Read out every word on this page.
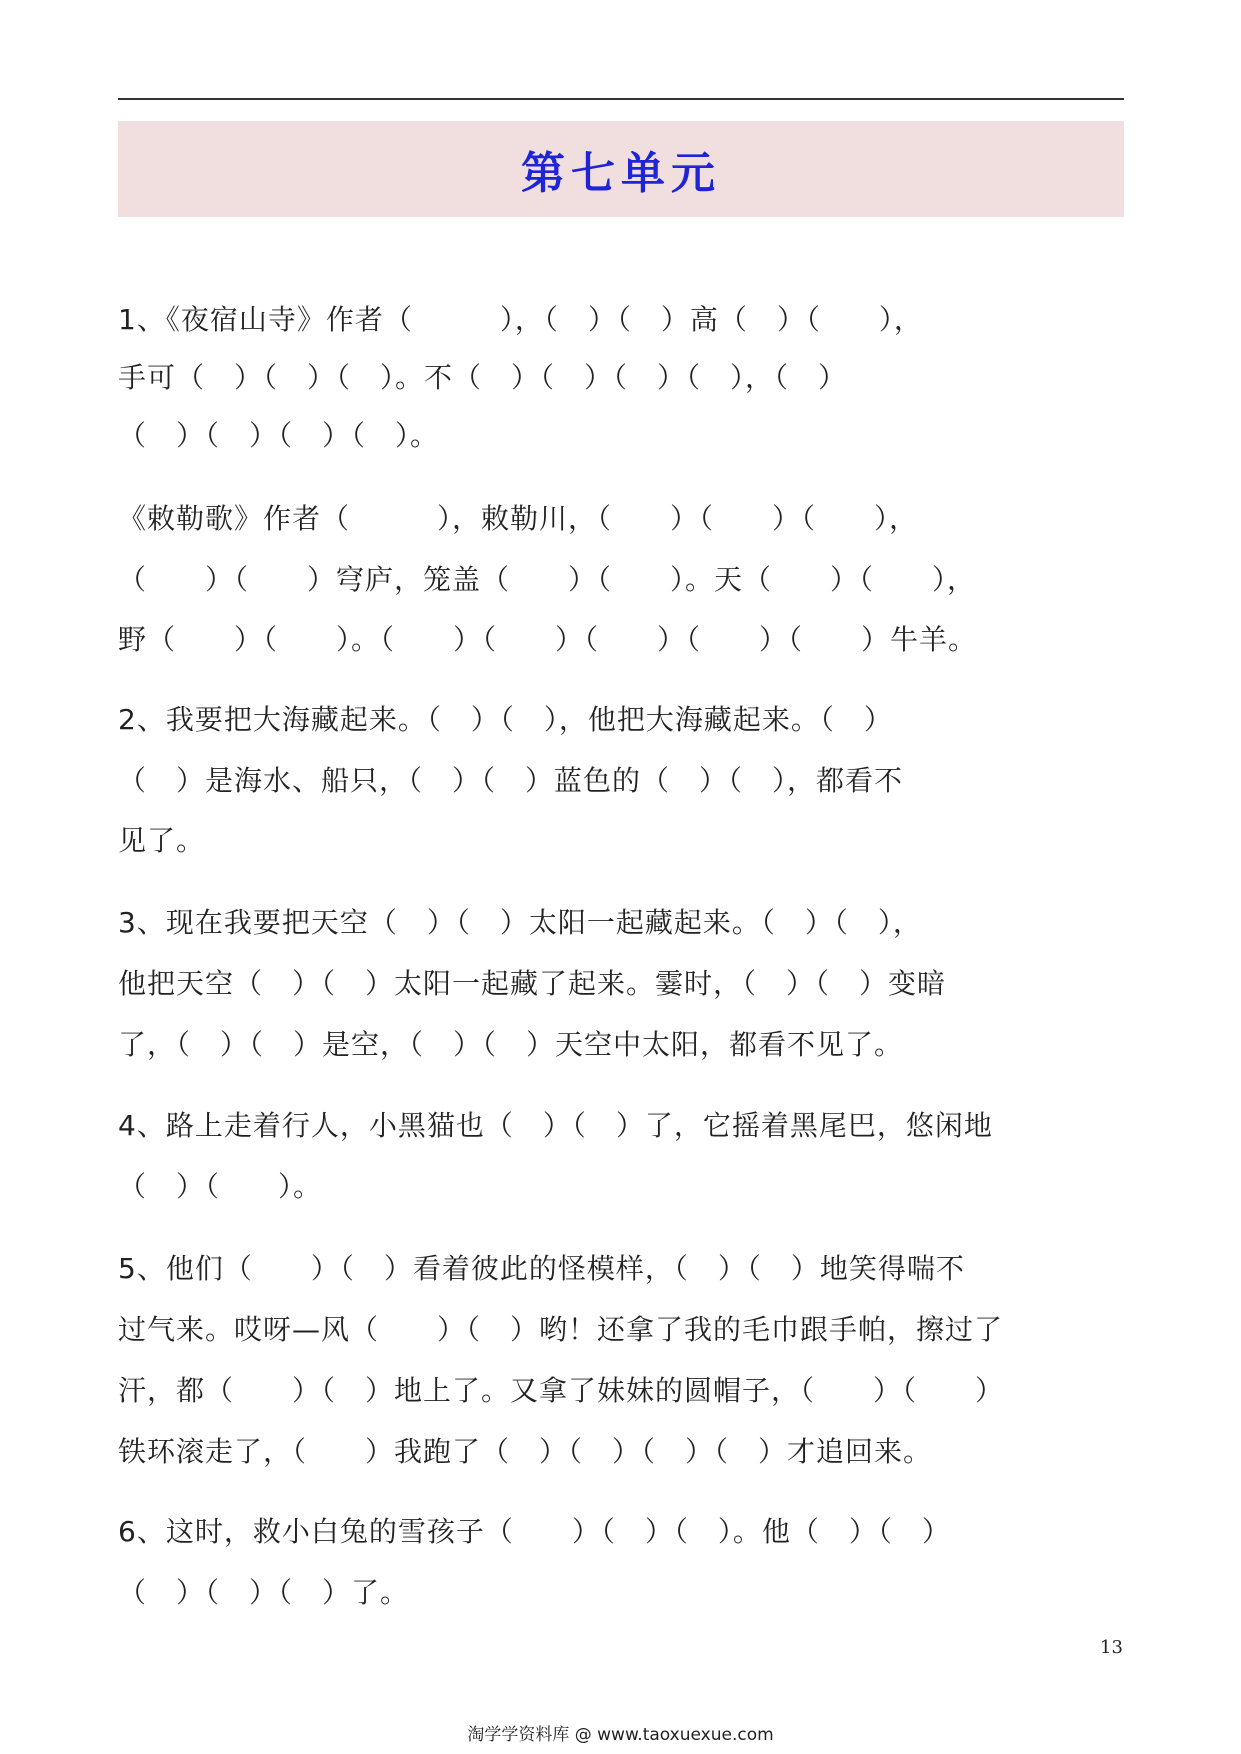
第七单元
1、《夜宿山寺》作者（　　　），（　）（　）高（　）（　　），
手可（　）（　）（　）。不（　）（　）（　）（　），（　）
（　）（　）（　）（　）。
《敕勒歌》作者（　　　），敕勒川，（　　）（　　）（　　），
（　　）（　　）穹庐，笼盖（　　）（　　）。天（　　）（　　），
野（　　）（　　）。（　　）（　　）（　　）（　　）（　　）牛羊。
2、我要把大海藏起来。（　）（　），他把大海藏起来。（　）
（　）是海水、船只，（　）（　）蓝色的（　）（　），都看不
见了。
3、现在我要把天空（　）（　）太阳一起藏起来。（　）（　），
他把天空（　）（　）太阳一起藏了起来。霎时，（　）（　）变暗
了，（　）（　）是空，（　）（　）天空中太阳，都看不见了。
4、路上走着行人，小黑猫也（　）（　）了，它摇着黑尾巴，悠闲地
（　）（　　）。
5、他们（　　）（　）看着彼此的怪模样，（　）（　）地笑得喘不
过气来。哎呀—风（　　）（　）哟！还拿了我的毛巾跟手帕，擦过了
汗，都（　　）（　）地上了。又拿了妹妹的圆帽子，（　　）（　　）
铁环滚走了，（　　）我跑了（　）（　）（　）（　）才追回来。
6、这时，救小白兔的雪孩子（　　）（　）（　）。他（　）（　）
（　）（　）（　）了。
13
淘学学资料库 @ www.taoxuexue.com
